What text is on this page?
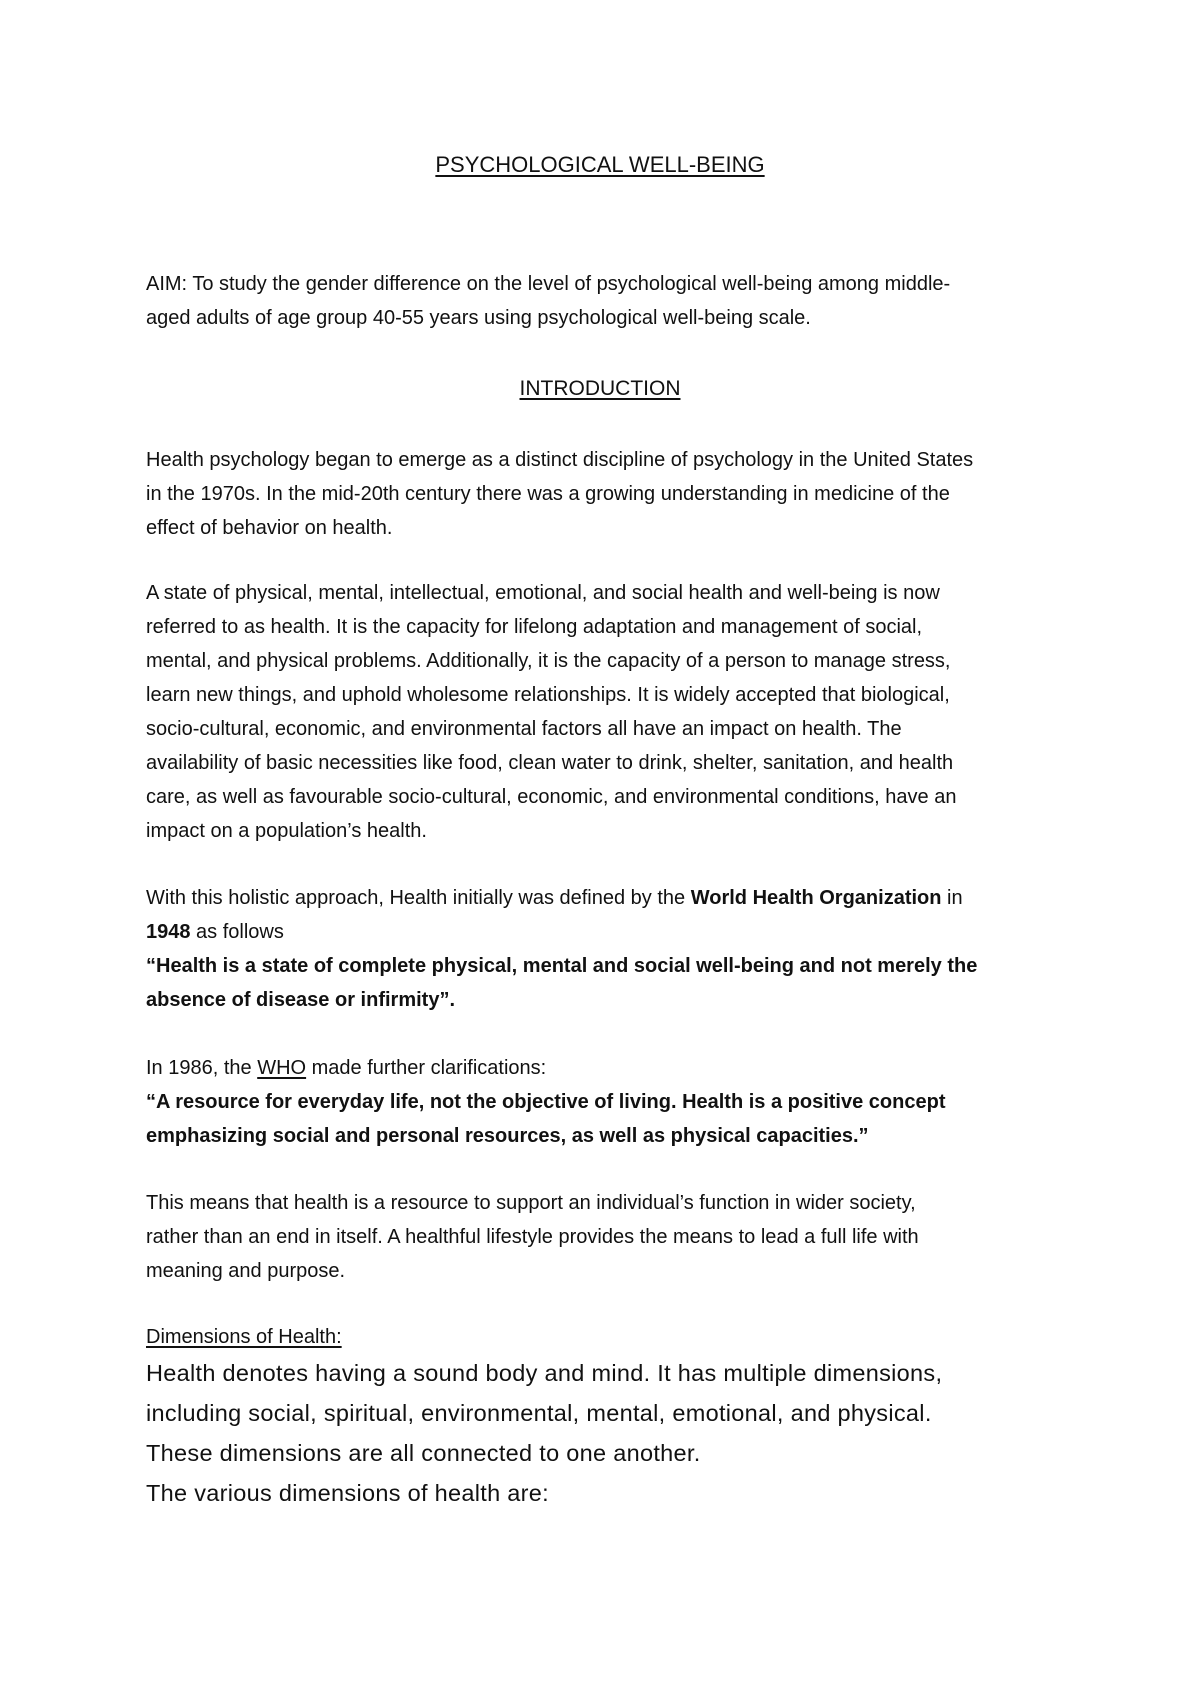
PSYCHOLOGICAL WELL-BEING
AIM: To study the gender difference on the level of psychological well-being among middle-
aged adults of age group 40-55 years using psychological well-being scale.
INTRODUCTION
Health psychology began to emerge as a distinct discipline of psychology in the United States
in the 1970s. In the mid-20th century there was a growing understanding in medicine of the
effect of behavior on health.
A state of physical, mental, intellectual, emotional, and social health and well-being is now
referred to as health. It is the capacity for lifelong adaptation and management of social,
mental, and physical problems. Additionally, it is the capacity of a person to manage stress,
learn new things, and uphold wholesome relationships. It is widely accepted that biological,
socio-cultural, economic, and environmental factors all have an impact on health. The
availability of basic necessities like food, clean water to drink, shelter, sanitation, and health
care, as well as favourable socio-cultural, economic, and environmental conditions, have an
impact on a population’s health.
With this holistic approach, Health initially was defined by the World Health Organization in
1948 as follows
“Health is a state of complete physical, mental and social well-being and not merely the
absence of disease or infirmity”.
In 1986, the WHO made further clarifications:
“A resource for everyday life, not the objective of living. Health is a positive concept
emphasizing social and personal resources, as well as physical capacities.”
This means that health is a resource to support an individual’s function in wider society,
rather than an end in itself. A healthful lifestyle provides the means to lead a full life with
meaning and purpose.
Dimensions of Health:
Health denotes having a sound body and mind. It has multiple dimensions,
including social, spiritual, environmental, mental, emotional, and physical.
These dimensions are all connected to one another.
The various dimensions of health are:
